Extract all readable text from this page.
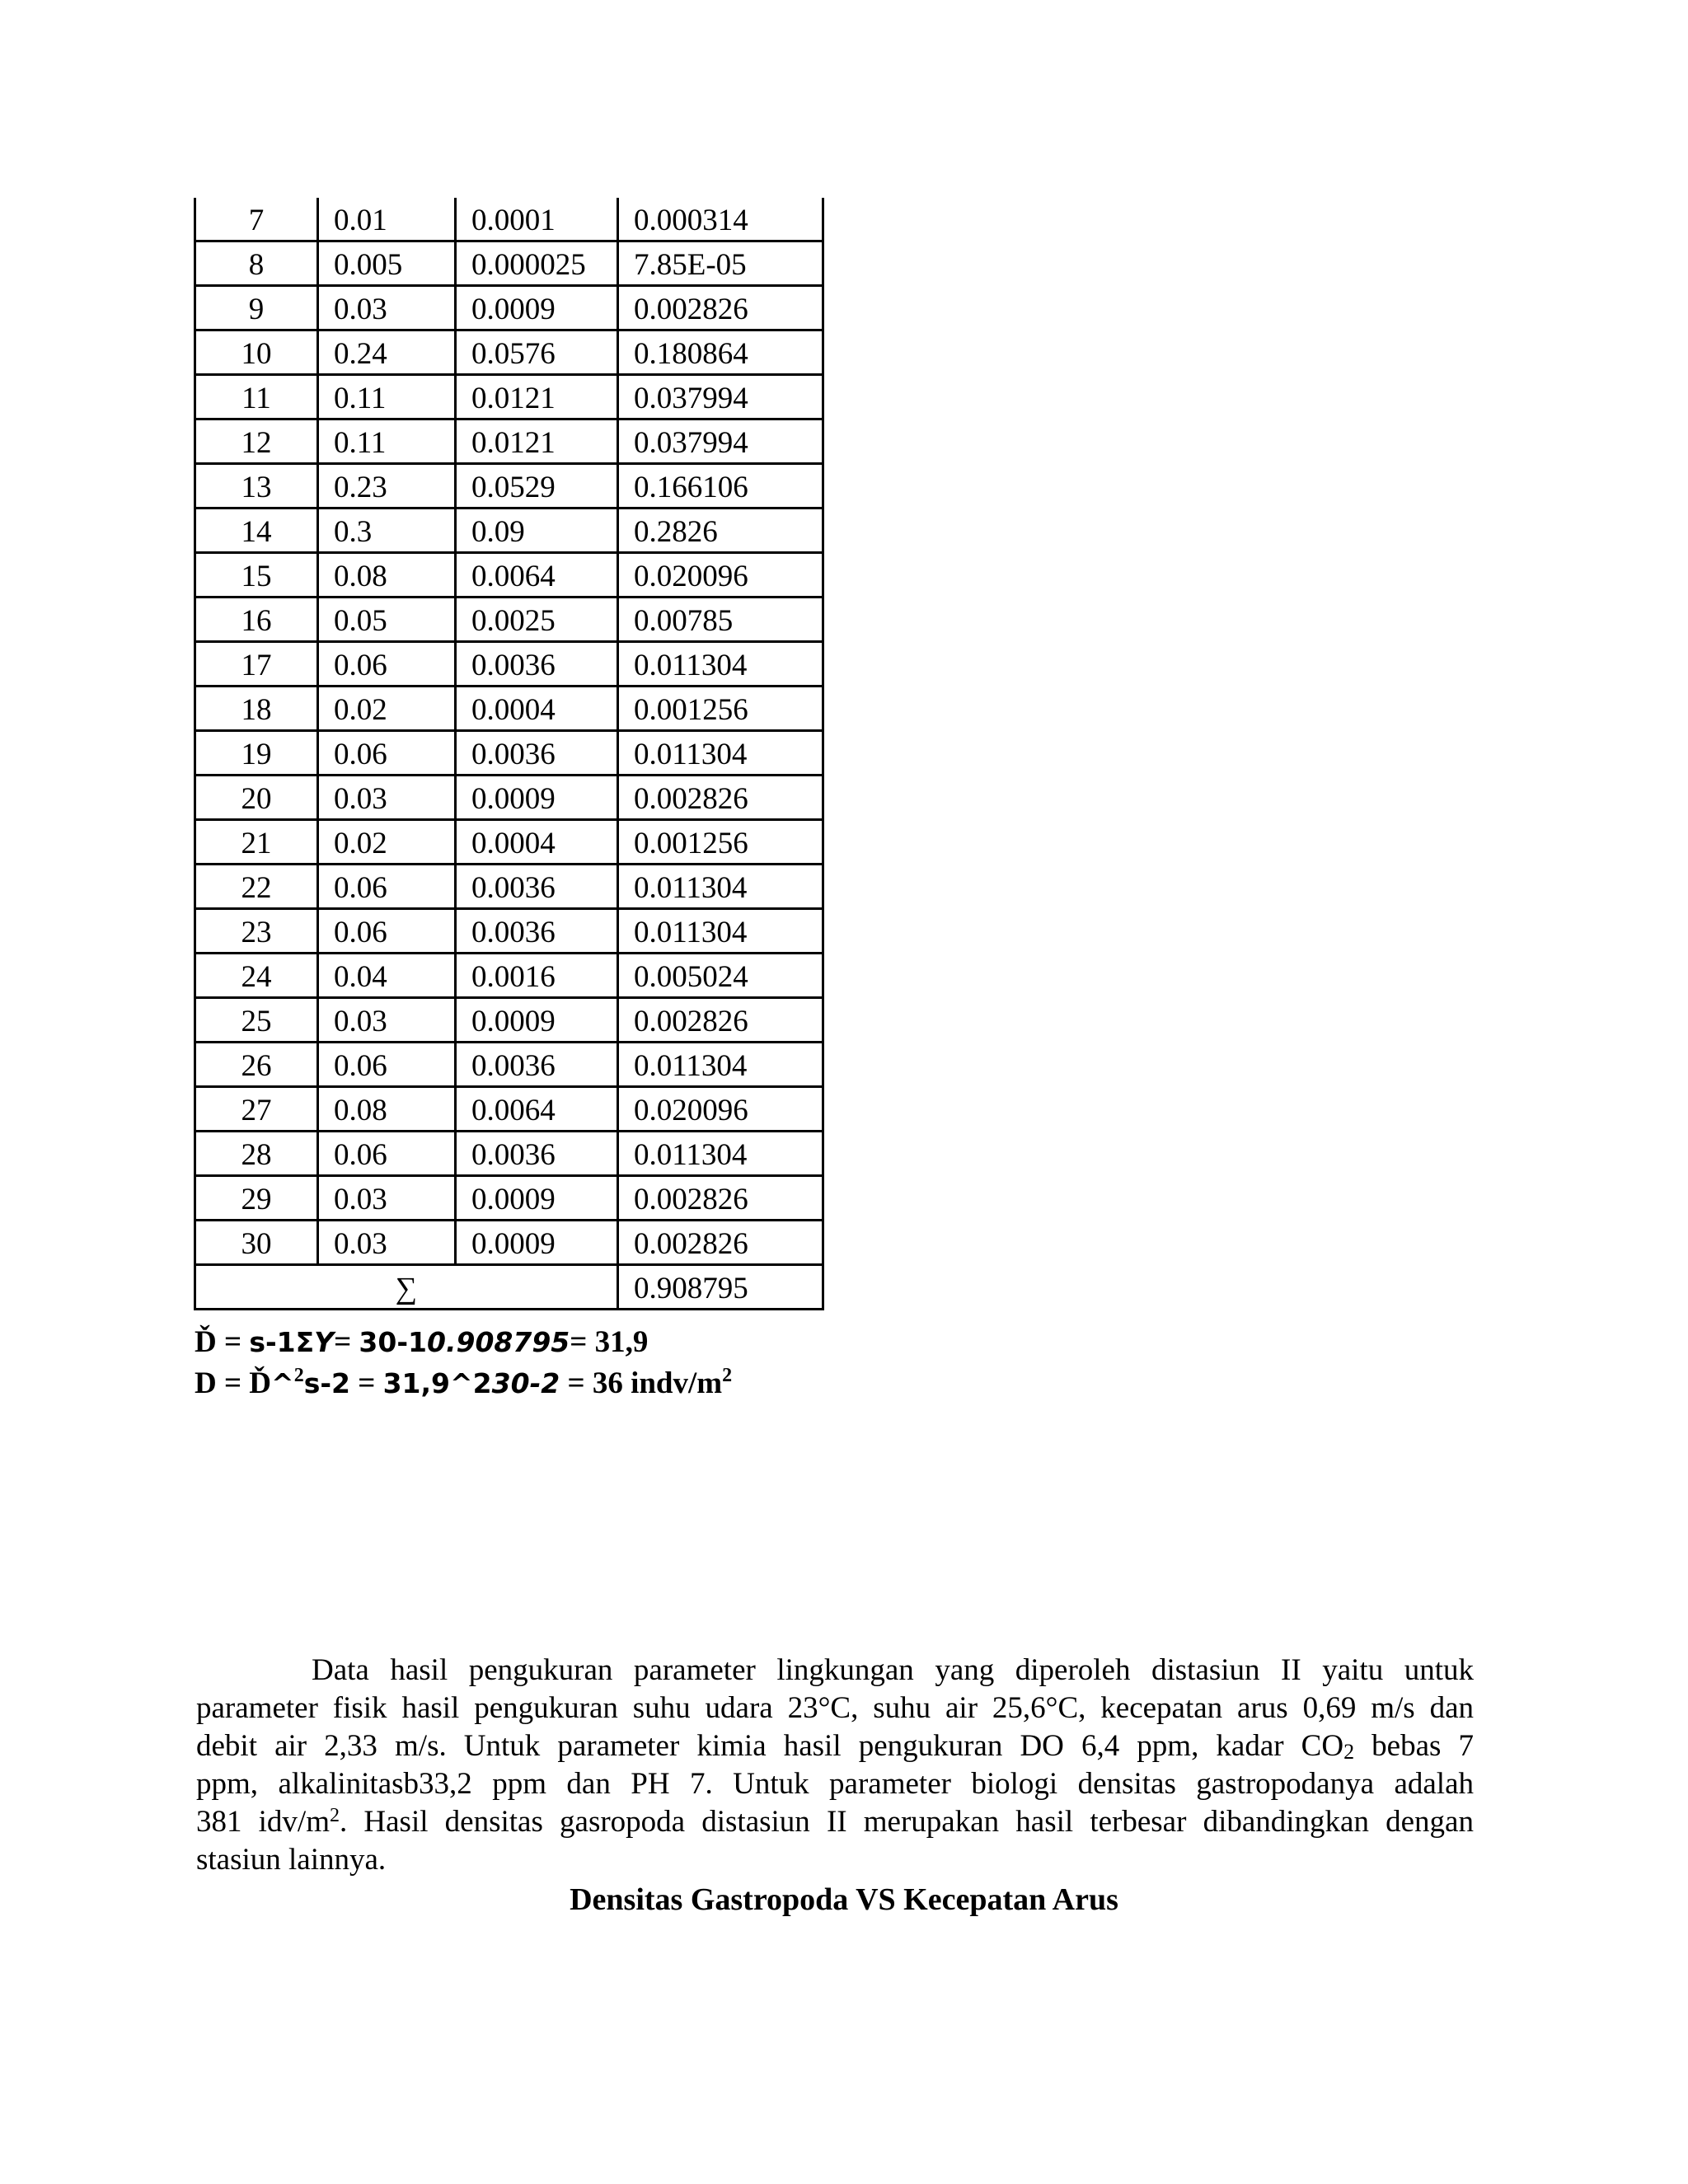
7	0.01	0.0001	0.000314
8	0.005	0.000025	7.85E-05
9	0.03	0.0009	0.002826
10	0.24	0.0576	0.180864
11	0.11	0.0121	0.037994
12	0.11	0.0121	0.037994
13	0.23	0.0529	0.166106
14	0.3	0.09	0.2826
15	0.08	0.0064	0.020096
16	0.05	0.0025	0.00785
17	0.06	0.0036	0.011304
18	0.02	0.0004	0.001256
19	0.06	0.0036	0.011304
20	0.03	0.0009	0.002826
21	0.02	0.0004	0.001256
22	0.06	0.0036	0.011304
23	0.06	0.0036	0.011304
24	0.04	0.0016	0.005024
25	0.03	0.0009	0.002826
26	0.06	0.0036	0.011304
27	0.08	0.0064	0.020096
28	0.06	0.0036	0.011304
29	0.03	0.0009	0.002826
30	0.03	0.0009	0.002826
∑			0.908795
Ď = s-1ΣY= 30-10.908795= 31,9
D = Ď^$^2$s-2 = 31,9^230-2 = 36 indv/$m^2$
Data hasil pengukuran parameter lingkungan yang diperoleh distasiun II yaitu untuk
parameter fisik hasil pengukuran suhu udara 23°C, suhu air 25,6°C, kecepatan arus 0,69 m/s dan
debit air 2,33 m/s. Untuk parameter kimia hasil pengukuran DO 6,4 ppm, kadar $CO_2$ bebas 7
ppm, alkalinitasb33,2 ppm dan PH 7. Untuk parameter biologi densitas gastropodanya adalah
381 idv/$m^2$. Hasil densitas gasropoda distasiun II merupakan hasil terbesar dibandingkan dengan
stasiun lainnya.
Densitas Gastropoda VS Kecepatan Arus
